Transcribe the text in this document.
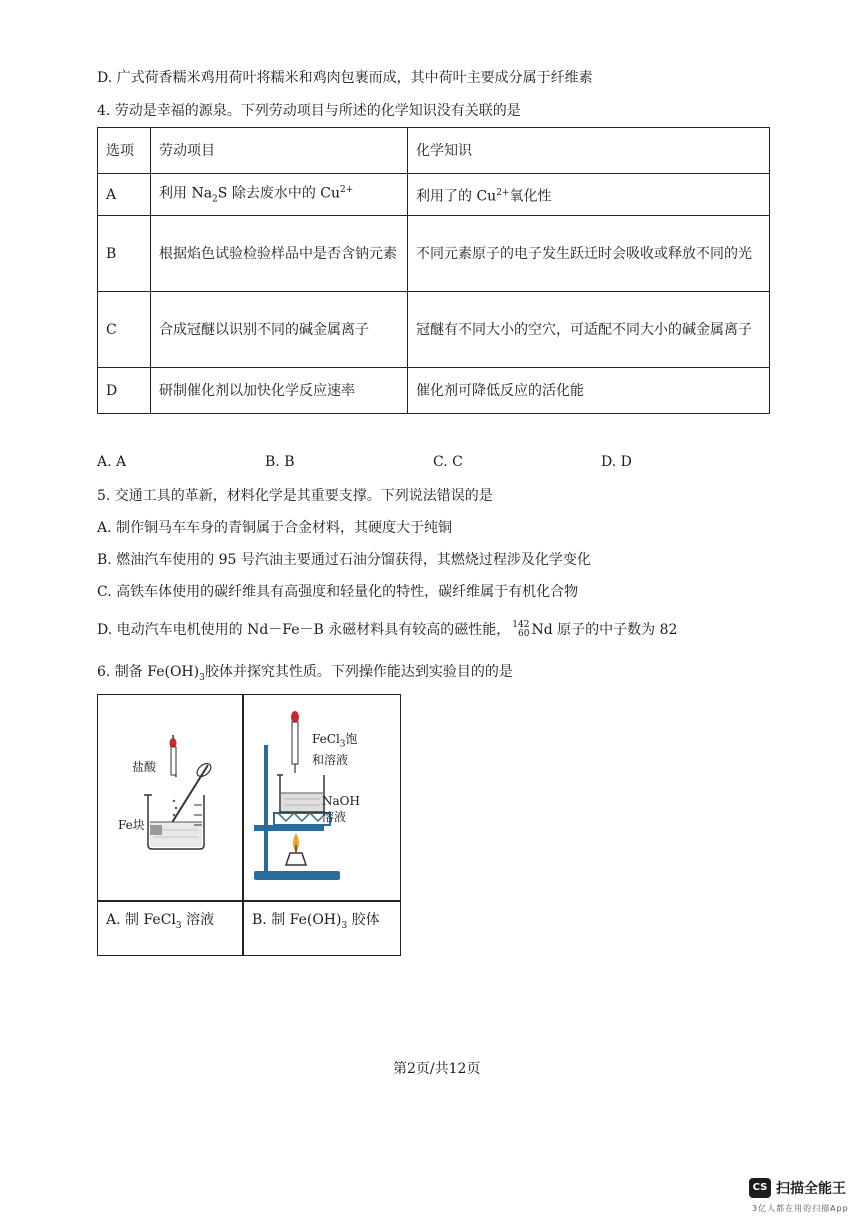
D. 广式荷香糯米鸡用荷叶将糯米和鸡肉包裹而成，其中荷叶主要成分属于纤维素
4. 劳动是幸福的源泉。下列劳动项目与所述的化学知识没有关联的是
选项	劳动项目	化学知识
A	利用 $Na_2S$ 除去废水中的 $Cu^{2+}$	利用了的 $Cu^{2+}$氧化性
B	根据焰色试验检验样品中是否含钠元素	不同元素原子的电子发生跃迁时会吸收或释放不同的光
C	合成冠醚以识别不同的碱金属离子	冠醚有不同大小的空穴，可适配不同大小的碱金属离子
D	研制催化剂以加快化学反应速率	催化剂可降低反应的活化能
A. A	B. B	C. C	D. D
5. 交通工具的革新，材料化学是其重要支撑。下列说法错误的是
A. 制作铜马车车身的青铜属于合金材料，其硬度大于纯铜
B. 燃油汽车使用的 95 号汽油主要通过石油分馏获得，其燃烧过程涉及化学变化
C. 高铁车体使用的碳纤维具有高强度和轻量化的特性，碳纤维属于有机化合物
D. 电动汽车电机使用的 Nd－Fe－B 永磁材料具有较高的磁性能， 142
60 Nd 原子的中子数为 82
6. 制备 $Fe(OH)_3$胶体并探究其性质。下列操作能达到实验目的的是
盐酸
Fe块
FeCl$_3$饱
和溶液
NaOH
溶液
A. 制 FeCl$_3$ 溶液	B. 制 $Fe(OH)_3$ 胶体
第2页/共12页
CS 扫描全能王
3亿人都在用的扫描App
